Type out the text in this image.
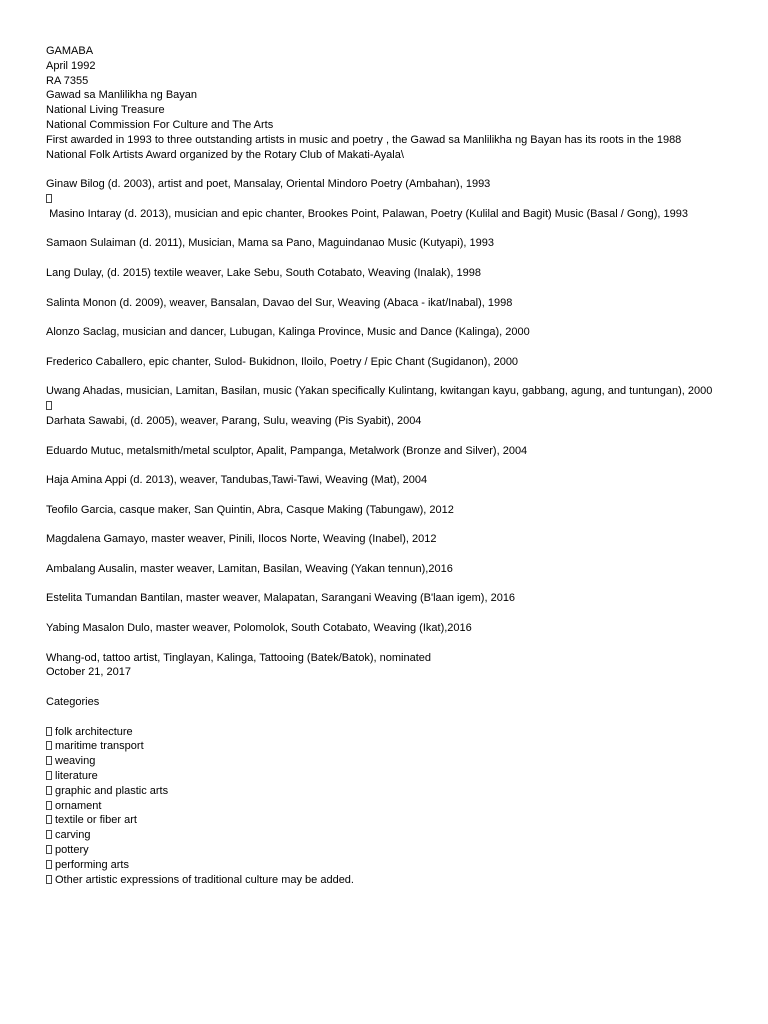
GAMABA
April 1992
RA 7355
Gawad sa Manlilikha ng Bayan
National Living Treasure
National Commission For Culture and The Arts
First awarded in 1993 to three outstanding artists in music and poetry , the Gawad sa Manlilikha ng Bayan has its roots in the 1988 National Folk Artists Award organized by the Rotary Club of Makati-Ayala\
Ginaw Bilog (d. 2003), artist and poet, Mansalay, Oriental Mindoro Poetry (Ambahan), 1993
Masino Intaray (d. 2013), musician and epic chanter, Brookes Point, Palawan, Poetry (Kulilal and Bagit) Music (Basal / Gong), 1993
Samaon Sulaiman (d. 2011), Musician, Mama sa Pano, Maguindanao Music (Kutyapi), 1993
Lang Dulay, (d. 2015) textile weaver, Lake Sebu, South Cotabato, Weaving (Inalak), 1998
Salinta Monon (d. 2009), weaver, Bansalan, Davao del Sur, Weaving (Abaca - ikat/Inabal), 1998
Alonzo Saclag, musician and dancer, Lubugan, Kalinga Province, Music and Dance (Kalinga), 2000
Frederico Caballero, epic chanter, Sulod- Bukidnon, Iloilo, Poetry / Epic Chant (Sugidanon), 2000
Uwang Ahadas, musician, Lamitan, Basilan, music (Yakan specifically Kulintang, kwitangan kayu, gabbang, agung, and tuntungan), 2000
Darhata Sawabi, (d. 2005), weaver, Parang, Sulu, weaving (Pis Syabit), 2004
Eduardo Mutuc, metalsmith/metal sculptor, Apalit, Pampanga, Metalwork (Bronze and Silver), 2004
Haja Amina Appi (d. 2013), weaver, Tandubas,Tawi-Tawi, Weaving (Mat), 2004
Teofilo Garcia, casque maker, San Quintin, Abra, Casque Making (Tabungaw), 2012
Magdalena Gamayo, master weaver, Pinili, Ilocos Norte, Weaving (Inabel), 2012
Ambalang Ausalin, master weaver, Lamitan, Basilan, Weaving (Yakan tennun),2016
Estelita Tumandan Bantilan, master weaver, Malapatan, Sarangani Weaving (B'laan igem), 2016
Yabing Masalon Dulo, master weaver, Polomolok, South Cotabato, Weaving (Ikat),2016
Whang-od, tattoo artist, Tinglayan, Kalinga, Tattooing (Batek/Batok), nominated
October 21, 2017
Categories
folk architecture
maritime transport
weaving
literature
graphic and plastic arts
ornament
textile or fiber art
carving
pottery
performing arts
Other artistic expressions of traditional culture may be added.
